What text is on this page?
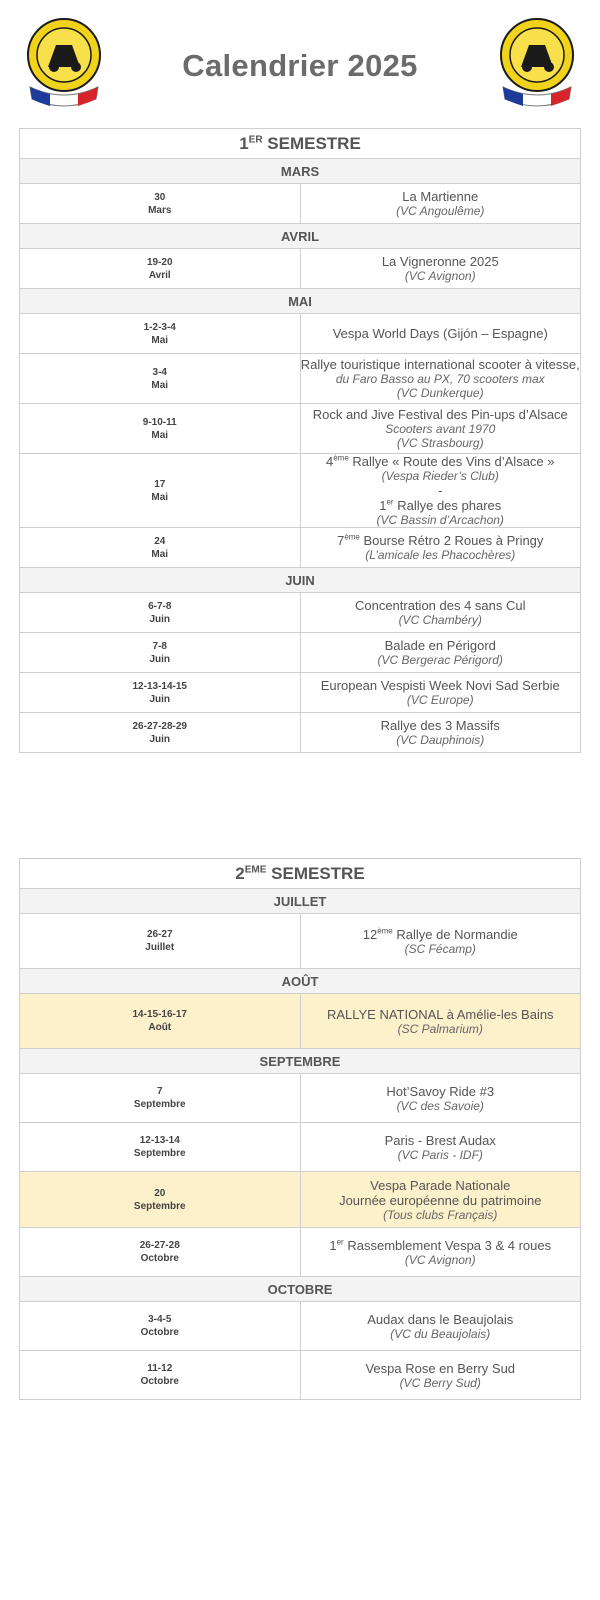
Calendrier 2025
1ER SEMESTRE	
MARS	

30
Mars	La Martienne
(VC Angoulême)

AVRIL	

19-20
Avril	La Vigneronne 2025
(VC Avignon)

MAI	

1-2-3-4
Mai	Vespa World Days (Gijón – Espagne)

3-4
Mai	Rallye touristique international scooter à vitesse,
du Faro Basso au PX, 70 scooters max
(VC Dunkerque)

9-10-11
Mai	Rock and Jive Festival des Pin-ups d’Alsace
Scooters avant 1970
(VC Strasbourg)

17
Mai	4ème Rallye « Route des Vins d’Alsace »
(Vespa Rieder’s Club)
-
1er Rallye des phares
(VC Bassin d’Arcachon)

24
Mai	7ème Bourse Rétro 2 Roues à Pringy
(L’amicale les Phacochères)

JUIN	

6-7-8
Juin	Concentration des 4 sans Cul
(VC Chambéry)

7-8
Juin	Balade en Périgord
(VC Bergerac Périgord)

12-13-14-15
Juin	European Vespisti Week Novi Sad Serbie
(VC Europe)

26-27-28-29
Juin	Rallye des 3 Massifs
(VC Dauphinois)
2EME SEMESTRE	
JUILLET	

26-27
Juillet	12ème Rallye de Normandie
(SC Fécamp)

AOÛT	

14-15-16-17
Août	RALLYE NATIONAL à Amélie-les Bains
(SC Palmarium)

SEPTEMBRE	

7
Septembre	Hot’Savoy Ride #3
(VC des Savoie)

12-13-14
Septembre	Paris - Brest Audax
(VC Paris - IDF)

20
Septembre	Vespa Parade Nationale
Journée européenne du patrimoine
(Tous clubs Français)

26-27-28
Octobre	1er Rassemblement Vespa 3 & 4 roues
(VC Avignon)

OCTOBRE	

3-4-5
Octobre	Audax dans le Beaujolais
(VC du Beaujolais)

11-12
Octobre	Vespa Rose en Berry Sud
(VC Berry Sud)
